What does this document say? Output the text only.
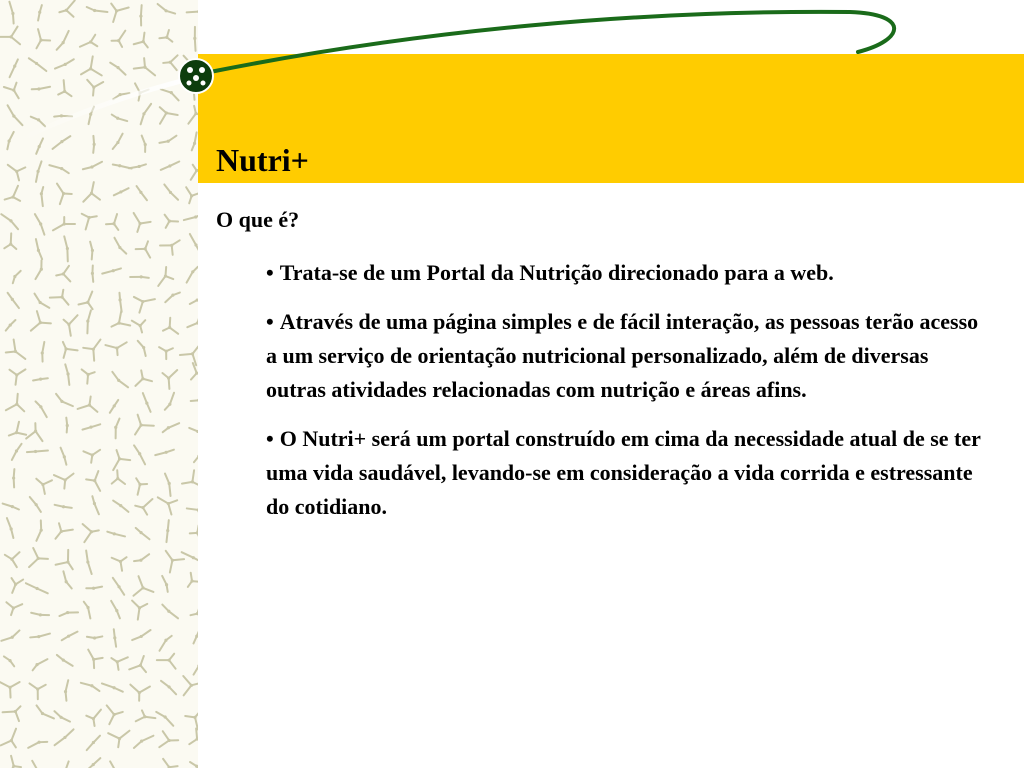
Nutri+
O que é?
• Trata-se de um Portal da Nutrição direcionado para a web.
• Através de uma página simples e de fácil interação, as pessoas terão acesso a um serviço de orientação nutricional personalizado, além de diversas outras atividades relacionadas com nutrição e áreas afins.
• O Nutri+ será um portal construído em cima da necessidade atual de se ter uma vida saudável, levando-se em consideração a vida corrida e estressante do cotidiano.
